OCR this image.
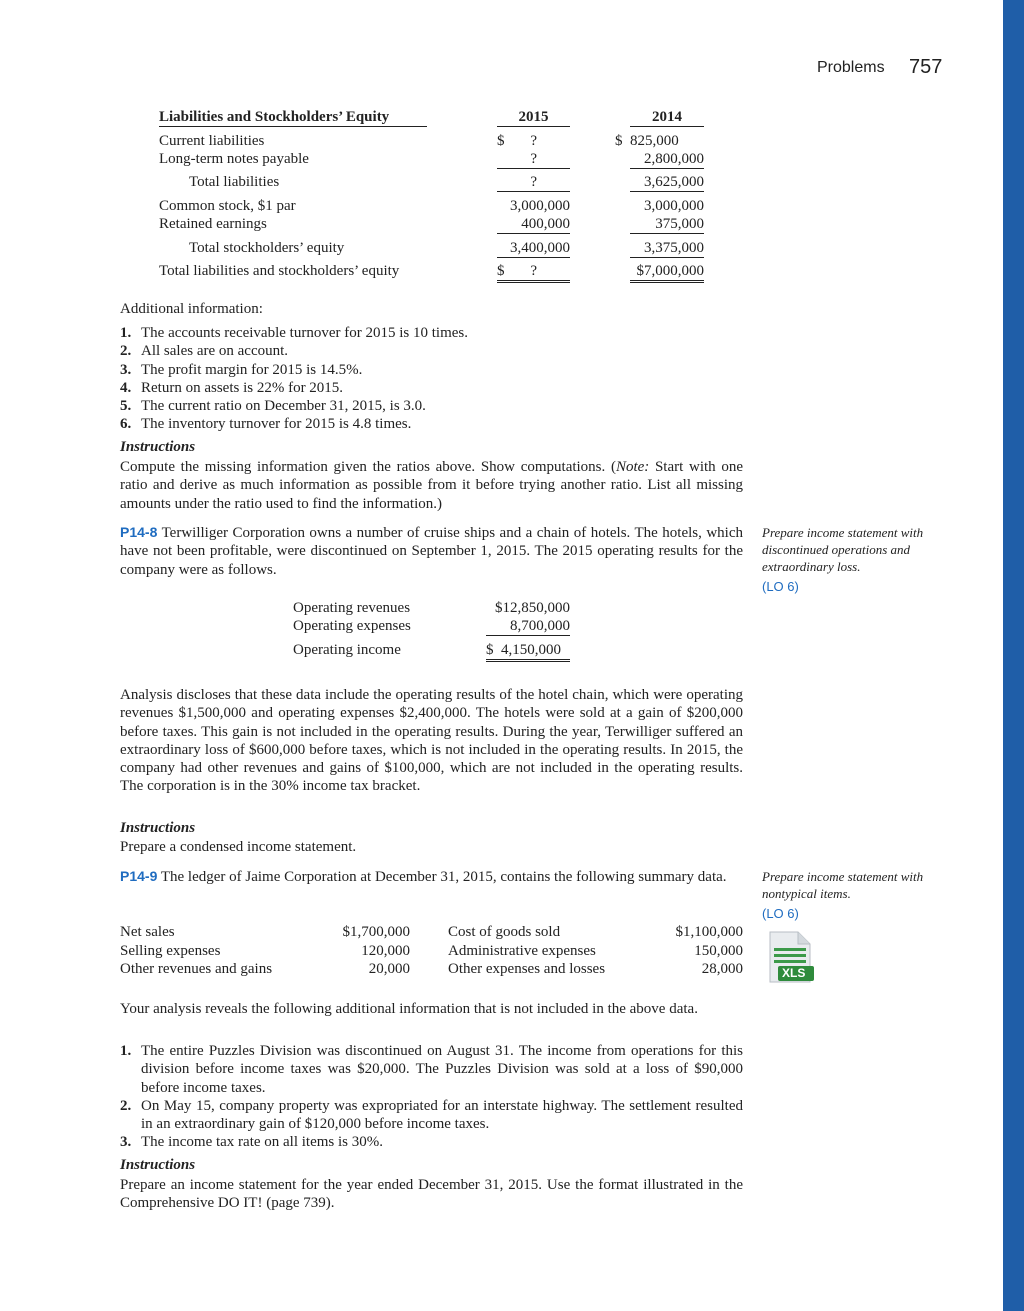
Problems 757
Liabilities and Stockholders’ Equity	2015	2014
Current liabilities	$	?	$  825,000
Long-term notes payable	?	2,800,000
Total liabilities	?	3,625,000
Common stock, $1 par	3,000,000	3,000,000
Retained earnings	400,000	375,000
Total stockholders’ equity	3,400,000	3,375,000
Total liabilities and stockholders’ equity	$ ?	$7,000,000
Additional information:
1. The accounts receivable turnover for 2015 is 10 times.
2. All sales are on account.
3. The profit margin for 2015 is 14.5%.
4. Return on assets is 22% for 2015.
5. The current ratio on December 31, 2015, is 3.0.
6. The inventory turnover for 2015 is 4.8 times.
Instructions
Compute the missing information given the ratios above. Show computations. (Note: Start with one ratio and derive as much information as possible from it before trying another ratio. List all missing amounts under the ratio used to find the information.)
P14-8 Terwilliger Corporation owns a number of cruise ships and a chain of hotels. The hotels, which have not been profitable, were discontinued on September 1, 2015. The 2015 operating results for the company were as follows.
Prepare income statement with discontinued operations and extraordinary loss.
(LO 6)
Operating revenues	$12,850,000
Operating expenses	8,700,000
Operating income	$  4,150,000
Analysis discloses that these data include the operating results of the hotel chain, which were operating revenues $1,500,000 and operating expenses $2,400,000. The hotels were sold at a gain of $200,000 before taxes. This gain is not included in the operating results. During the year, Terwilliger suffered an extraordinary loss of $600,000 before taxes, which is not included in the operating results. In 2015, the company had other revenues and gains of $100,000, which are not included in the operating results. The corporation is in the 30% income tax bracket.
Instructions
Prepare a condensed income statement.
P14-9 The ledger of Jaime Corporation at December 31, 2015, contains the following summary data.	Prepare income statement with nontypical items.
(LO 6)
XLS
Net sales	$1,700,000	Cost of goods sold	$1,100,000
Selling expenses	120,000	Administrative expenses	150,000
Other revenues and gains	20,000	Other expenses and losses	28,000
Your analysis reveals the following additional information that is not included in the above data.
1. The entire Puzzles Division was discontinued on August 31. The income from operations for this division before income taxes was $20,000. The Puzzles Division was sold at a loss of $90,000 before income taxes.
2. On May 15, company property was expropriated for an interstate highway. The settlement resulted in an extraordinary gain of $120,000 before income taxes.
3. The income tax rate on all items is 30%.
Instructions
Prepare an income statement for the year ended December 31, 2015. Use the format illustrated in the Comprehensive DO IT! (page 739).
